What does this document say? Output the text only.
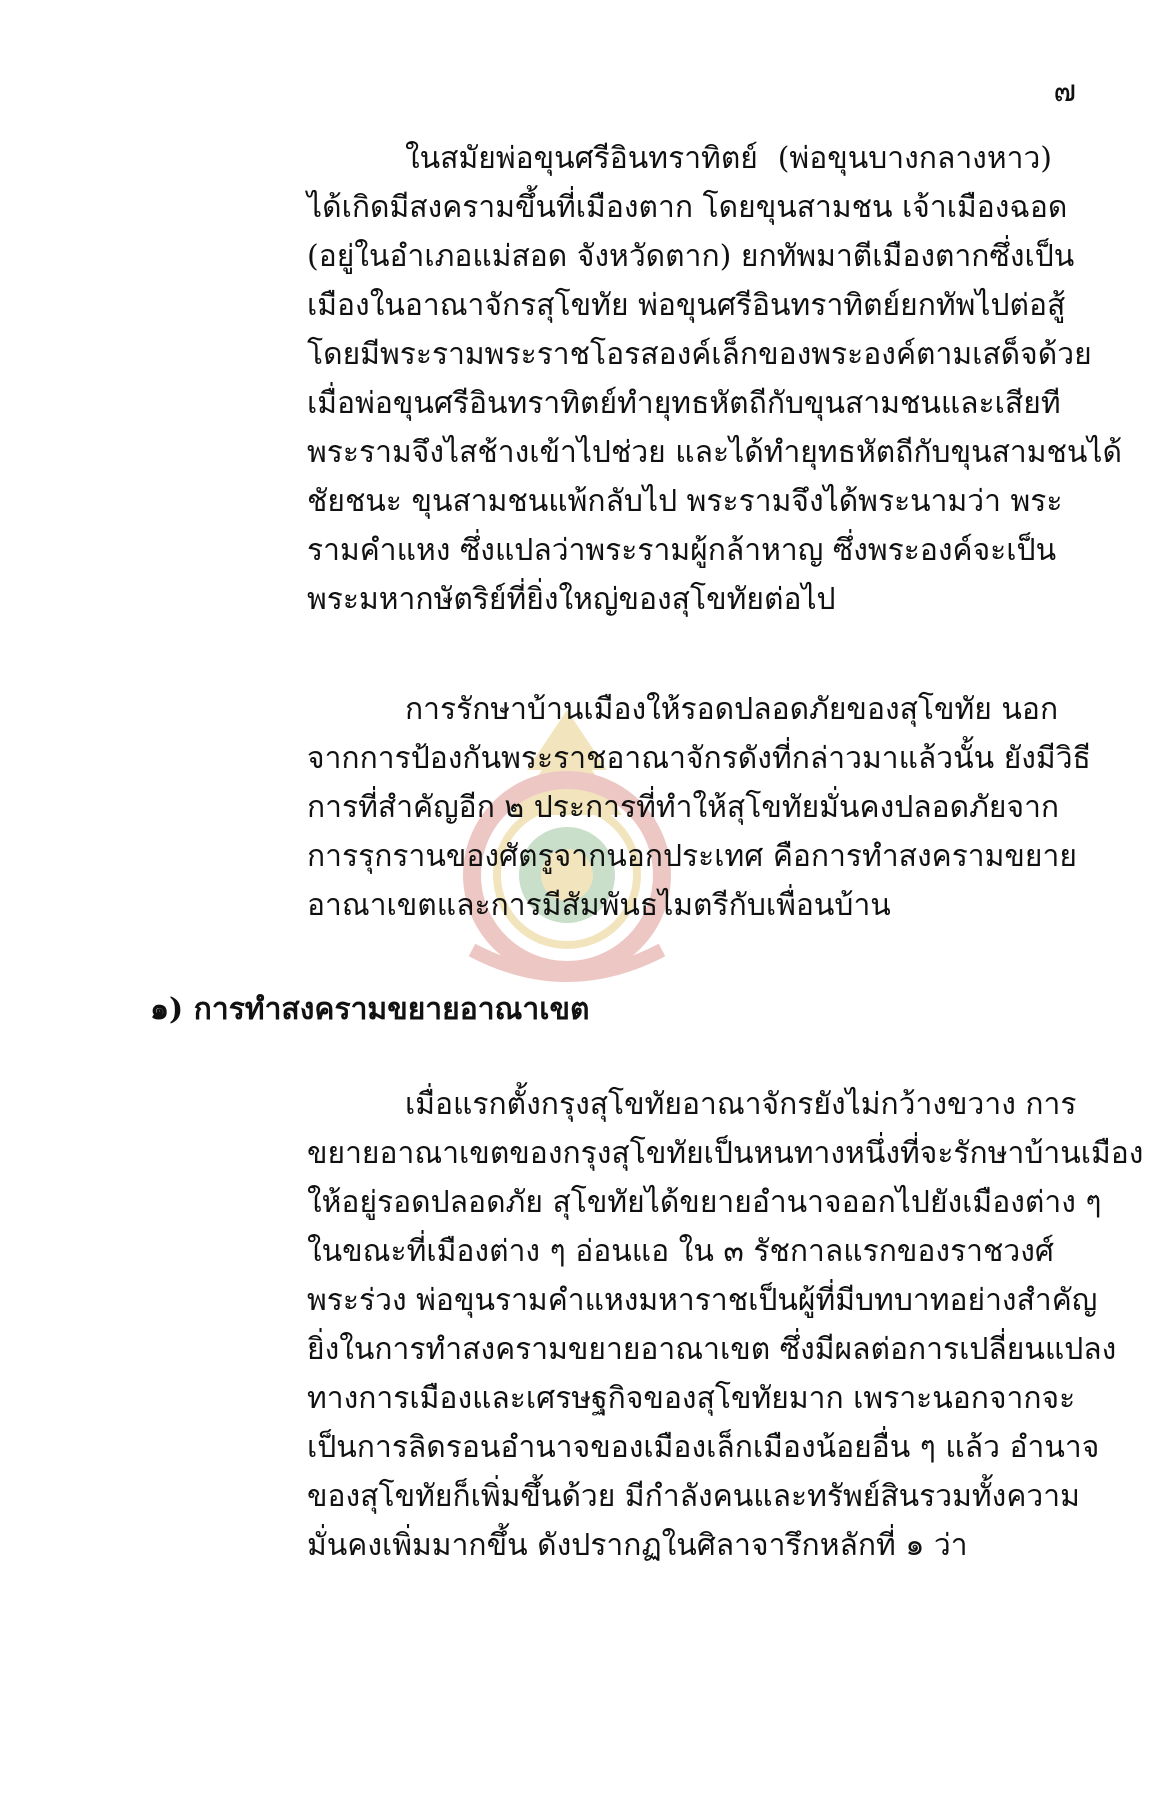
๗
ในสมัยพ่อขุนศรีอินทราทิตย์ (พ่อขุนบางกลางหาว)
ได้เกิดมีสงครามขึ้นที่เมืองตาก โดยขุนสามชน เจ้าเมืองฉอด
(อยู่ในอำเภอแม่สอด จังหวัดตาก) ยกทัพมาตีเมืองตากซึ่งเป็น
เมืองในอาณาจักรสุโขทัย พ่อขุนศรีอินทราทิตย์ยกทัพไปต่อสู้
โดยมีพระรามพระราชโอรสองค์เล็กของพระองค์ตามเสด็จด้วย
เมื่อพ่อขุนศรีอินทราทิตย์ทำยุทธหัตถีกับขุนสามชนและเสียที
พระรามจึงไสช้างเข้าไปช่วย และได้ทำยุทธหัตถีกับขุนสามชนได้
ชัยชนะ ขุนสามชนแพ้กลับไป พระรามจึงได้พระนามว่า พระ
รามคำแหง ซึ่งแปลว่าพระรามผู้กล้าหาญ ซึ่งพระองค์จะเป็น
พระมหากษัตริย์ที่ยิ่งใหญ่ของสุโขทัยต่อไป
การรักษาบ้านเมืองให้รอดปลอดภัยของสุโขทัย นอก
จากการป้องกันพระราชอาณาจักรดังที่กล่าวมาแล้วนั้น ยังมีวิธี
การที่สำคัญอีก ๒ ประการที่ทำให้สุโขทัยมั่นคงปลอดภัยจาก
การรุกรานของศัตรูจากนอกประเทศ คือการทำสงครามขยาย
อาณาเขตและการมีสัมพันธไมตรีกับเพื่อนบ้าน
๑) การทำสงครามขยายอาณาเขต
เมื่อแรกตั้งกรุงสุโขทัยอาณาจักรยังไม่กว้างขวาง การ
ขยายอาณาเขตของกรุงสุโขทัยเป็นหนทางหนึ่งที่จะรักษาบ้านเมือง
ให้อยู่รอดปลอดภัย สุโขทัยได้ขยายอำนาจออกไปยังเมืองต่าง ๆ
ในขณะที่เมืองต่าง ๆ อ่อนแอ ใน ๓ รัชกาลแรกของราชวงศ์
พระร่วง พ่อขุนรามคำแหงมหาราชเป็นผู้ที่มีบทบาทอย่างสำคัญ
ยิ่งในการทำสงครามขยายอาณาเขต ซึ่งมีผลต่อการเปลี่ยนแปลง
ทางการเมืองและเศรษฐกิจของสุโขทัยมาก เพราะนอกจากจะ
เป็นการลิดรอนอำนาจของเมืองเล็กเมืองน้อยอื่น ๆ แล้ว อำนาจ
ของสุโขทัยก็เพิ่มขึ้นด้วย มีกำลังคนและทรัพย์สินรวมทั้งความ
มั่นคงเพิ่มมากขึ้น ดังปรากฏในศิลาจารึกหลักที่ ๑ ว่า
